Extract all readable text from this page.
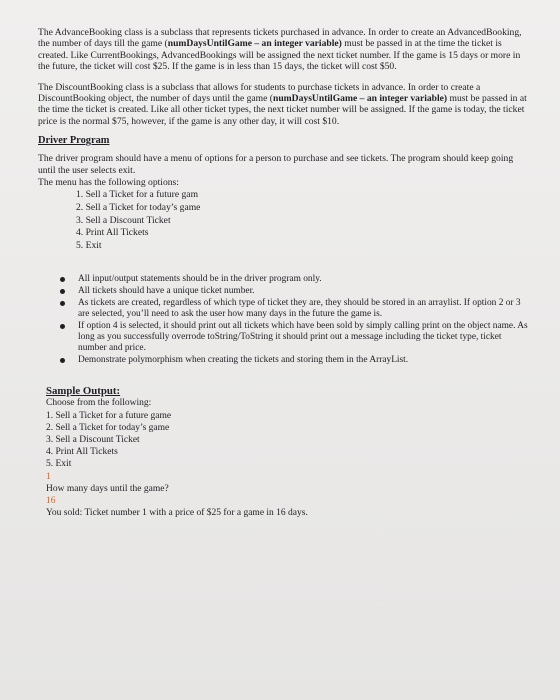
The AdvanceBooking class is a subclass that represents tickets purchased in advance. In order to create an AdvancedBooking, the number of days till the game (numDaysUntilGame – an integer variable) must be passed in at the time the ticket is created. Like CurrentBookings, AdvancedBookings will be assigned the next ticket number. If the game is 15 days or more in the future, the ticket will cost $25. If the game is in less than 15 days, the ticket will cost $50.

The DiscountBooking class is a subclass that allows for students to purchase tickets in advance. In order to create a DiscountBooking object, the number of days until the game (numDaysUntilGame – an integer variable) must be passed in at the time the ticket is created. Like all other ticket types, the next ticket number will be assigned. If the game is today, the ticket price is the normal $75, however, if the game is any other day, it will cost $10.

Driver Program

The driver program should have a menu of options for a person to purchase and see tickets. The program should keep going until the user selects exit.

The menu has the following options:

1. Sell a Ticket for a future gam
2. Sell a Ticket for today’s game
3. Sell a Discount Ticket
4. Print All Tickets
5. Exit
All input/output statements should be in the driver program only.
All tickets should have a unique ticket number.
As tickets are created, regardless of which type of ticket they are, they should be stored in an arraylist. If option 2 or 3 are selected, you’ll need to ask the user how many days in the future the game is.
If option 4 is selected, it should print out all tickets which have been sold by simply calling print on the object name. As long as you successfully overrode toString/ToString it should print out a message including the ticket type, ticket number and price.
Demonstrate polymorphism when creating the tickets and storing them in the ArrayList.
Sample Output:
Choose from the following:
1. Sell a Ticket for a future game
2. Sell a Ticket for today’s game
3. Sell a Discount Ticket
4. Print All Tickets
5. Exit
1
How many days until the game?
16
You sold: Ticket number 1 with a price of $25 for a game in 16 days.
